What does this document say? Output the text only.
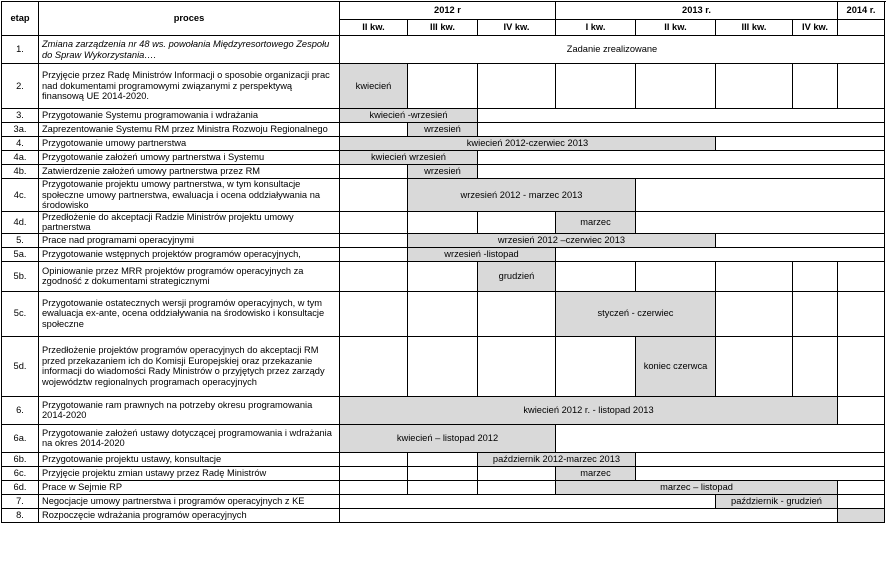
etap	proces	2012 r			2013 r.				2014 r.	
		II kw.	III kw.	IV kw.	I kw.	II kw.	III kw.	IV kw.		
1.	Zmiana zarządzenia nr 48 ws. powołania Międzyresortowego Zespołu do Spraw Wykorzystania….	Zadanie zrealizowane								
2.	Przyjęcie przez Radę Ministrów Informacji o sposobie organizacji prac nad dokumentami programowymi związanymi z perspektywą finansową UE 2014-2020.	kwiecień								
3.	Przygotowanie Systemu programowania i wdrażania	kwiecień -wrzesień								
3a.	Zaprezentowanie Systemu RM przez Ministra Rozwoju Regionalnego		wrzesień							
4.	Przygotowanie umowy partnerstwa	kwiecień 2012-czerwiec 2013								
4a.	Przygotowanie założeń umowy partnerstwa i Systemu	kwiecień wrzesień								
4b.	Zatwierdzenie założeń umowy partnerstwa przez RM		wrzesień							
4c.	Przygotowanie projektu umowy partnerstwa, w tym konsultacje społeczne umowy partnerstwa, ewaluacja i ocena oddziaływania na środowisko		wrzesień 2012 - marzec 2013							
4d.	Przedłożenie do akceptacji Radzie Ministrów projektu umowy partnerstwa				marzec					
5.	Prace nad programami operacyjnymi		wrzesień 2012 –czerwiec 2013							
5a.	Przygotowanie wstępnych projektów programów operacyjnych,		wrzesień -listopad							
5b.	Opiniowanie przez MRR projektów programów operacyjnych za zgodność z dokumentami strategicznymi			grudzień						
5c.	Przygotowanie ostatecznych wersji programów operacyjnych, w tym ewaluacja ex-ante, ocena oddziaływania na środowisko i konsultacje społeczne				styczeń - czerwiec					
5d.	Przedłożenie projektów programów operacyjnych do akceptacji RM przed przekazaniem ich do Komisji Europejskiej oraz przekazanie informacji do wiadomości Rady Ministrów o przyjętych przez zarządy województw regionalnych programach operacyjnych					koniec czerwca				
6.	Przygotowanie ram prawnych na potrzeby okresu programowania 2014-2020	kwiecień 2012 r. - listopad 2013								
6a.	Przygotowanie założeń ustawy dotyczącej programowania i wdrażania na okres 2014-2020	kwiecień – listopad 2012								
6b.	Przygotowanie projektu ustawy, konsultacje			październik 2012-marzec 2013						
6c.	Przyjęcie projektu zmian ustawy przez Radę Ministrów				marzec					
6d.	Prace w Sejmie RP				marzec – listopad					
7.	Negocjacje umowy partnerstwa i programów operacyjnych z KE						październik - grudzień			
8.	Rozpoczęcie wdrażania programów operacyjnych									
